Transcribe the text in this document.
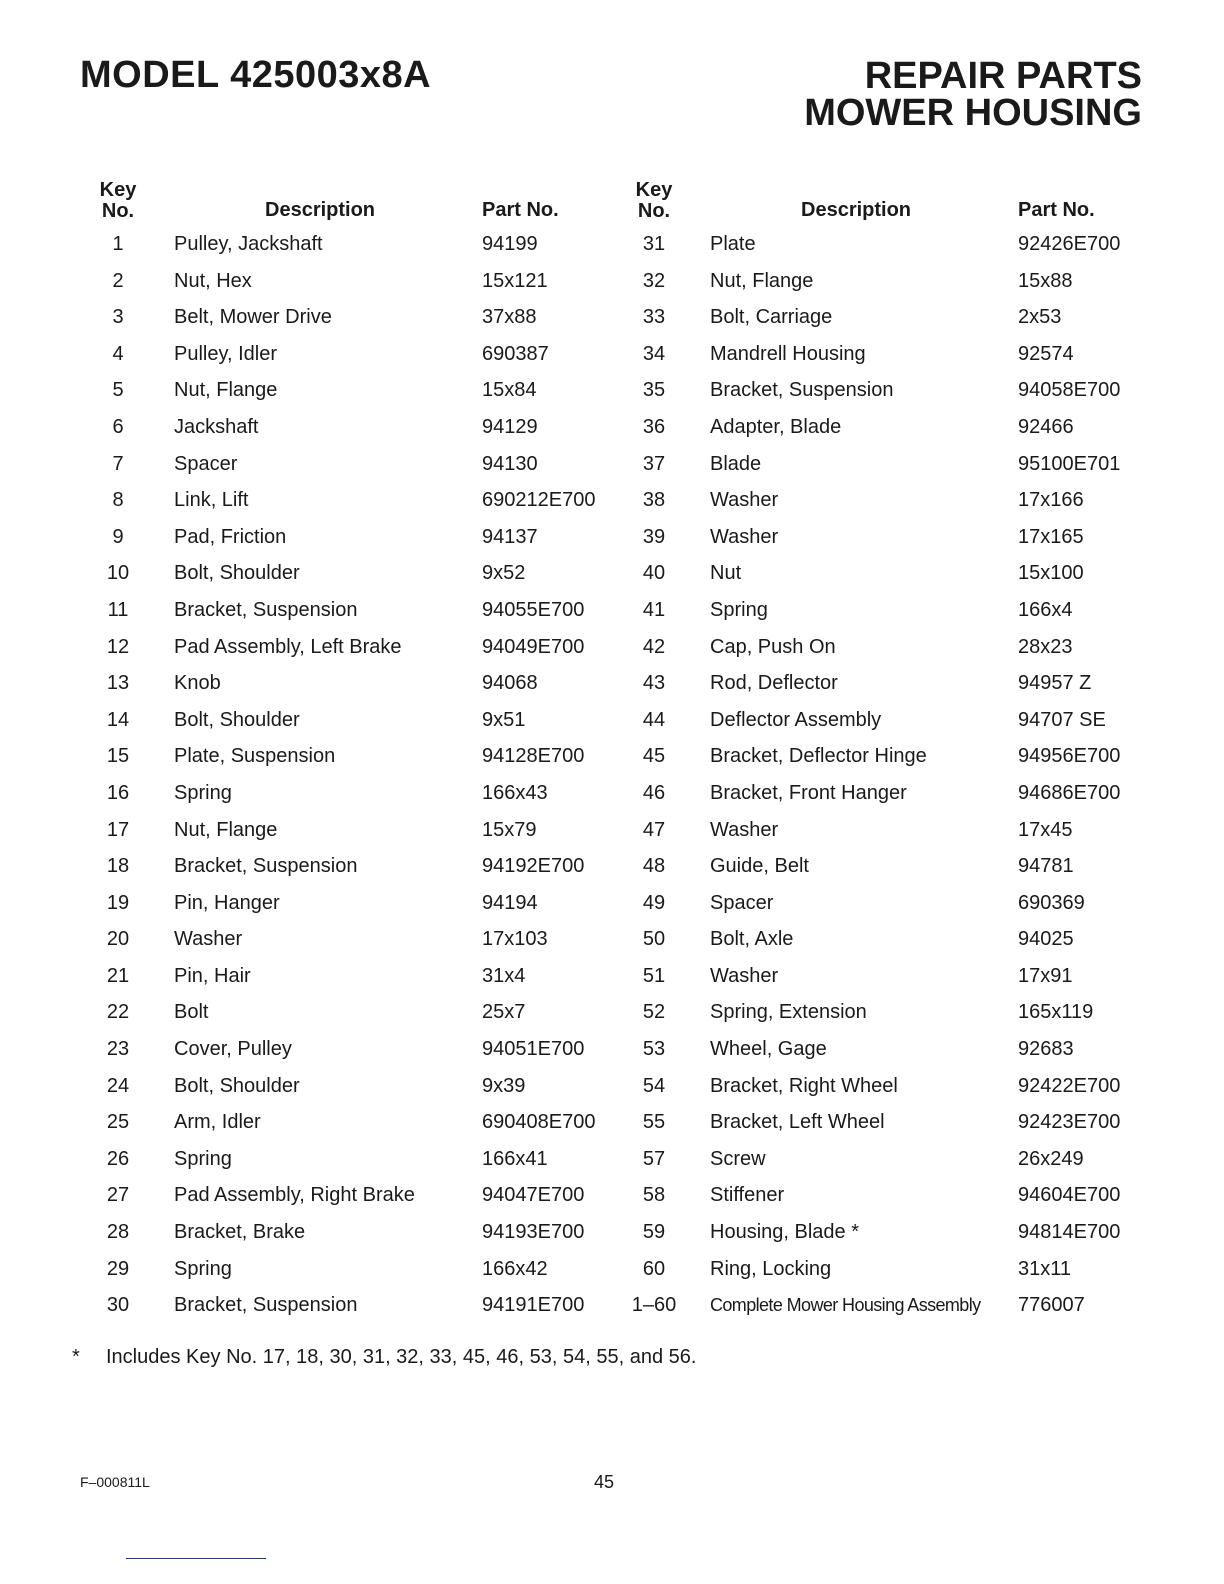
MODEL 425003x8A	REPAIR PARTS
MOWER HOUSING
Key
No.	Description	Part No.
Key
No.	Description	Part No.
1	Pulley, Jackshaft	94199
2	Nut, Hex	15x121
3	Belt, Mower Drive	37x88
4	Pulley, Idler	690387
5	Nut, Flange	15x84
6	Jackshaft	94129
7	Spacer	94130
8	Link, Lift	690212E700
9	Pad, Friction	94137
10	Bolt, Shoulder	9x52
11	Bracket, Suspension	94055E700
12	Pad Assembly, Left Brake	94049E700
13	Knob	94068
14	Bolt, Shoulder	9x51
15	Plate, Suspension	94128E700
16	Spring	166x43
17	Nut, Flange	15x79
18	Bracket, Suspension	94192E700
19	Pin, Hanger	94194
20	Washer	17x103
21	Pin, Hair	31x4
22	Bolt	25x7
23	Cover, Pulley	94051E700
24	Bolt, Shoulder	9x39
25	Arm, Idler	690408E700
26	Spring	166x41
27	Pad Assembly, Right Brake	94047E700
28	Bracket, Brake	94193E700
29	Spring	166x42
30	Bracket, Suspension	94191E700
31	Plate	92426E700
32	Nut, Flange	15x88
33	Bolt, Carriage	2x53
34	Mandrell Housing	92574
35	Bracket, Suspension	94058E700
36	Adapter, Blade	92466
37	Blade	95100E701
38	Washer	17x166
39	Washer	17x165
40	Nut	15x100
41	Spring	166x4
42	Cap, Push On	28x23
43	Rod, Deflector	94957 Z
44	Deflector Assembly	94707 SE
45	Bracket, Deflector Hinge	94956E700
46	Bracket, Front Hanger	94686E700
47	Washer	17x45
48	Guide, Belt	94781
49	Spacer	690369
50	Bolt, Axle	94025
51	Washer	17x91
52	Spring, Extension	165x119
53	Wheel, Gage	92683
54	Bracket, Right Wheel	92422E700
55	Bracket, Left Wheel	92423E700
57	Screw	26x249
58	Stiffener	94604E700
59	Housing, Blade *	94814E700
60	Ring, Locking	31x11
1–60	Complete Mower Housing Assembly 776007
* Includes Key No. 17, 18, 30, 31, 32, 33, 45, 46, 53, 54, 55, and 56.
F–000811L	45
